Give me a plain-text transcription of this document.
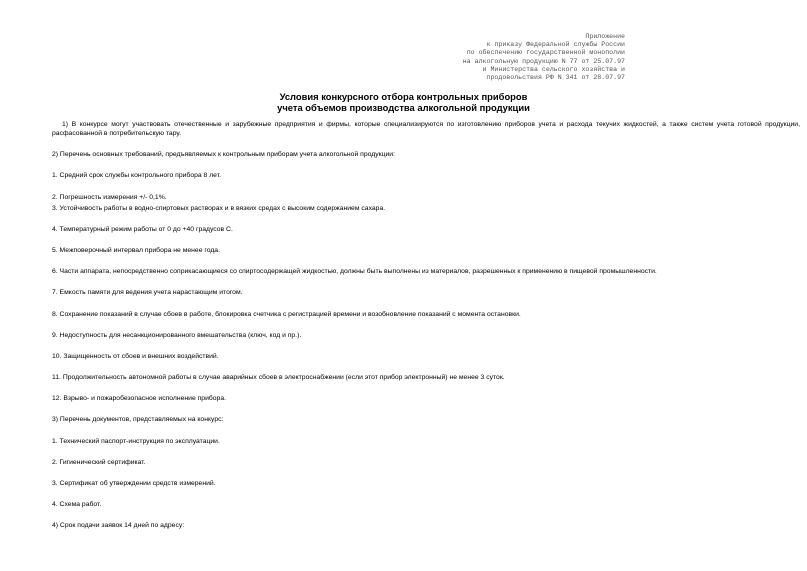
Приложение
к приказу Федеральной службы России
по обеспечению государственной монополии
на алкогольную продукцию N 77 от 25.07.97
и Министерства сельского хозяйства и
продовольствия РФ N 341 от 28.07.97
Условия конкурсного отбора контрольных приборов
учета объемов производства алкогольной продукции

1) В конкурсе могут участвовать отечественные и зарубежные предприятия и фирмы, которые специализируются по изготовлению приборов учета и расхода текучих жидкостей, а также систем учета готовой продукции, расфасованной в потребительскую тару.

2) Перечень основных требований, предъявляемых к контрольным приборам учета алкогольной продукции:

1. Средний срок службы контрольного прибора 8 лет.

2. Погрешность измерения +/- 0,1%.

3. Устойчивость работы в водно-спиртовых растворах и в вязких средах с высоким содержанием сахара.

4. Температурный режим работы от 0 до +40 градусов С.

5. Межповерочный интервал прибора не менее года.

6. Части аппарата, непосредственно соприкасающиеся со спиртосодержащей жидкостью, должны быть выполнены из материалов, разрешенных к применению в пищевой промышленности.

7. Емкость памяти для ведения учета нарастающим итогом.

8. Сохранение показаний в случае сбоев в работе, блокировка счетчика с регистрацией времени и возобновление показаний с момента остановки.

9. Недоступность для несанкционированного вмешательства (ключ, код и пр.).

10. Защищенность от сбоев и внешних воздействий.

11. Продолжительность автономной работы в случае аварийных сбоев в электроснабжении (если этот прибор электронный) не менее 3 суток.

12. Взрыво- и пожаробезопасное исполнение прибора.

3) Перечень документов, представляемых на конкурс:

1. Технический паспорт-инструкция по эксплуатации.

2. Гигиенический сертификат.

3. Сертификат об утверждении средств измерений.

4. Схема работ.

4) Срок подачи заявок 14 дней по адресу:
